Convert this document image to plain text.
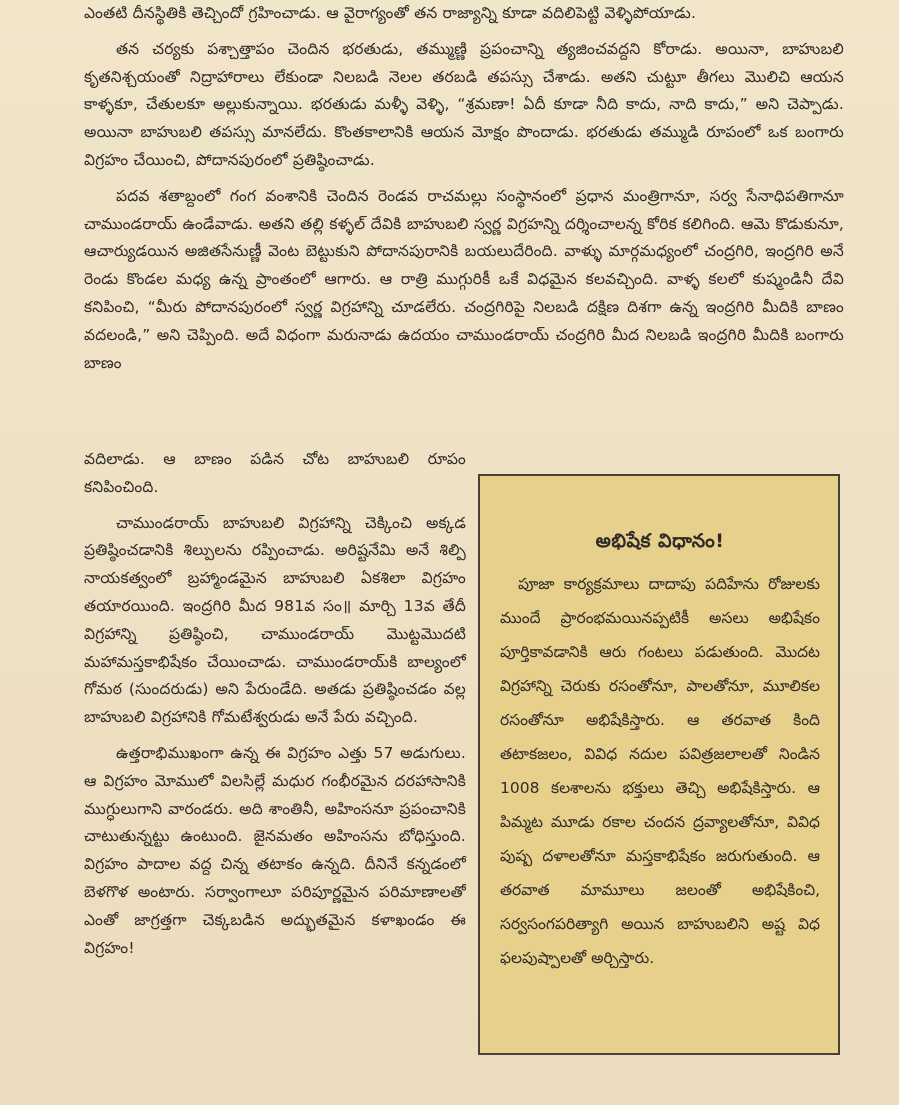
ఎంతటి దీనస్థితికి తెచ్చిందో గ్రహించాడు. ఆ వైరాగ్యంతో తన రాజ్యాన్ని కూడా వదిలిపెట్టి వెళ్ళిపోయాడు.

తన చర్యకు పశ్చాత్తాపం చెందిన భరతుడు, తమ్ముణ్ణి ప్రపంచాన్ని త్యజించవద్దని కోరాడు. అయినా, బాహుబలి కృతనిశ్చయంతో నిద్రాహారాలు లేకుండా నిలబడి నెలల తరబడి తపస్సు చేశాడు. అతని చుట్టూ తీగలు మొలిచి ఆయన కాళ్ళకూ, చేతులకూ అల్లుకున్నాయి. భరతుడు మళ్ళీ వెళ్ళి, “శ్రమణా! ఏదీ కూడా నీది కాదు, నాది కాదు,” అని చెప్పాడు. అయినా బాహుబలి తపస్సు మానలేదు. కొంతకాలానికి ఆయన మోక్షం పొందాడు. భరతుడు తమ్ముడి రూపంలో ఒక బంగారు విగ్రహం చేయించి, పోదానపురంలో ప్రతిష్ఠించాడు.

పదవ శతాబ్దంలో గంగ వంశానికి చెందిన రెండవ రాచమల్లు సంస్థానంలో ప్రధాన మంత్రిగానూ, సర్వ సేనాధిపతిగానూ చాముండరాయ్ ఉండేవాడు. అతని తల్లి కళ్ళల్ దేవికి బాహుబలి స్వర్ణ విగ్రహన్ని దర్శించాలన్న కోరిక కలిగింది. ఆమె కొడుకునూ, ఆచార్యుడయిన అజితసేనుణ్ణీ వెంట బెట్టుకుని పోదానపురానికి బయలుదేరింది. వాళ్ళు మార్గమధ్యంలో చంద్రగిరి, ఇంద్రగిరి అనే రెండు కొండల మధ్య ఉన్న ప్రాంతంలో ఆగారు. ఆ రాత్రి ముగ్గురికీ ఒకే విధమైన కలవచ్చింది. వాళ్ళ కలలో కుష్మండినీ దేవి కనిపించి, “మీరు పోదానపురంలో స్వర్ణ విగ్రహాన్ని చూడలేరు. చంద్రగిరిపై నిలబడి దక్షిణ దిశగా ఉన్న ఇంద్రగిరి మీదికి బాణం వదలండి,” అని చెప్పింది. అదే విధంగా మరునాడు ఉదయం చాముండరాయ్ చంద్రగిరి మీద నిలబడి ఇంద్రగిరి మీదికి బంగారు బాణం

వదిలాడు. ఆ బాణం పడిన చోట బాహుబలి రూపం కనిపించింది.

చాముండరాయ్ బాహుబలి విగ్రహాన్ని చెక్కించి అక్కడ ప్రతిష్ఠించడానికి శిల్పులను రప్పించాడు. అరిష్టనేమి అనే శిల్పి నాయకత్వంలో బ్రహ్మాండమైన బాహుబలి ఏకశిలా విగ్రహం తయారయింది. ఇంద్రగిరి మీద 981వ సం॥ మార్చి 13వ తేదీ విగ్రహాన్ని ప్రతిష్ఠించి, చాముండరాయ్ మొట్టమొదటి మహామస్తకాభిషేకం చేయించాడు. చాముండరాయ్‌కి బాల్యంలో గోమఠ (సుందరుడు) అని పేరుండేది. అతడు ప్రతిష్ఠించడం వల్ల బాహుబలి విగ్రహానికి గోమటేశ్వరుడు అనే పేరు వచ్చింది.

ఉత్తరాభిముఖంగా ఉన్న ఈ విగ్రహం ఎత్తు 57 అడుగులు. ఆ విగ్రహం మోములో విలసిల్లే మధుర గంభీరమైన దరహాసానికి ముగ్ధులుగాని వారండరు. అది శాంతినీ, అహింసనూ ప్రపంచానికి చాటుతున్నట్టు ఉంటుంది. జైనమతం అహింసను బోధిస్తుంది. విగ్రహం పాదాల వద్ద చిన్న తటాకం ఉన్నది. దీనినే కన్నడంలో బెళగొళ అంటారు. సర్వాంగాలూ పరిపూర్ణమైన పరిమాణాలతో ఎంతో జాగ్రత్తగా చెక్కబడిన అద్భుతమైన కళాఖండం ఈ విగ్రహం!

అభిషేక విధానం!

పూజా కార్యక్రమాలు దాదాపు పదిహేను రోజులకు ముందే ప్రారంభమయినప్పటికీ అసలు అభిషేకం పూర్తికావడానికి ఆరు గంటలు పడుతుంది. మొదట విగ్రహాన్ని చెరుకు రసంతోనూ, పాలతోనూ, మూలికల రసంతోనూ అభిషేకిస్తారు. ఆ తరవాత కింది తటాకజలం, వివిధ నదుల పవిత్రజలాలతో నిండిన 1008 కలశాలను భక్తులు తెచ్చి అభిషేకిస్తారు. ఆ పిమ్మట మూడు రకాల చందన ద్రవ్యాలతోనూ, వివిధ పుష్ప దళాలతోనూ మస్తకాభిషేకం జరుగుతుంది. ఆ తరవాత మామూలు జలంతో అభిషేకించి, సర్వసంగపరిత్యాగి అయిన బాహుబలిని అష్ట విధ ఫలపుష్పాలతో అర్చిస్తారు.
